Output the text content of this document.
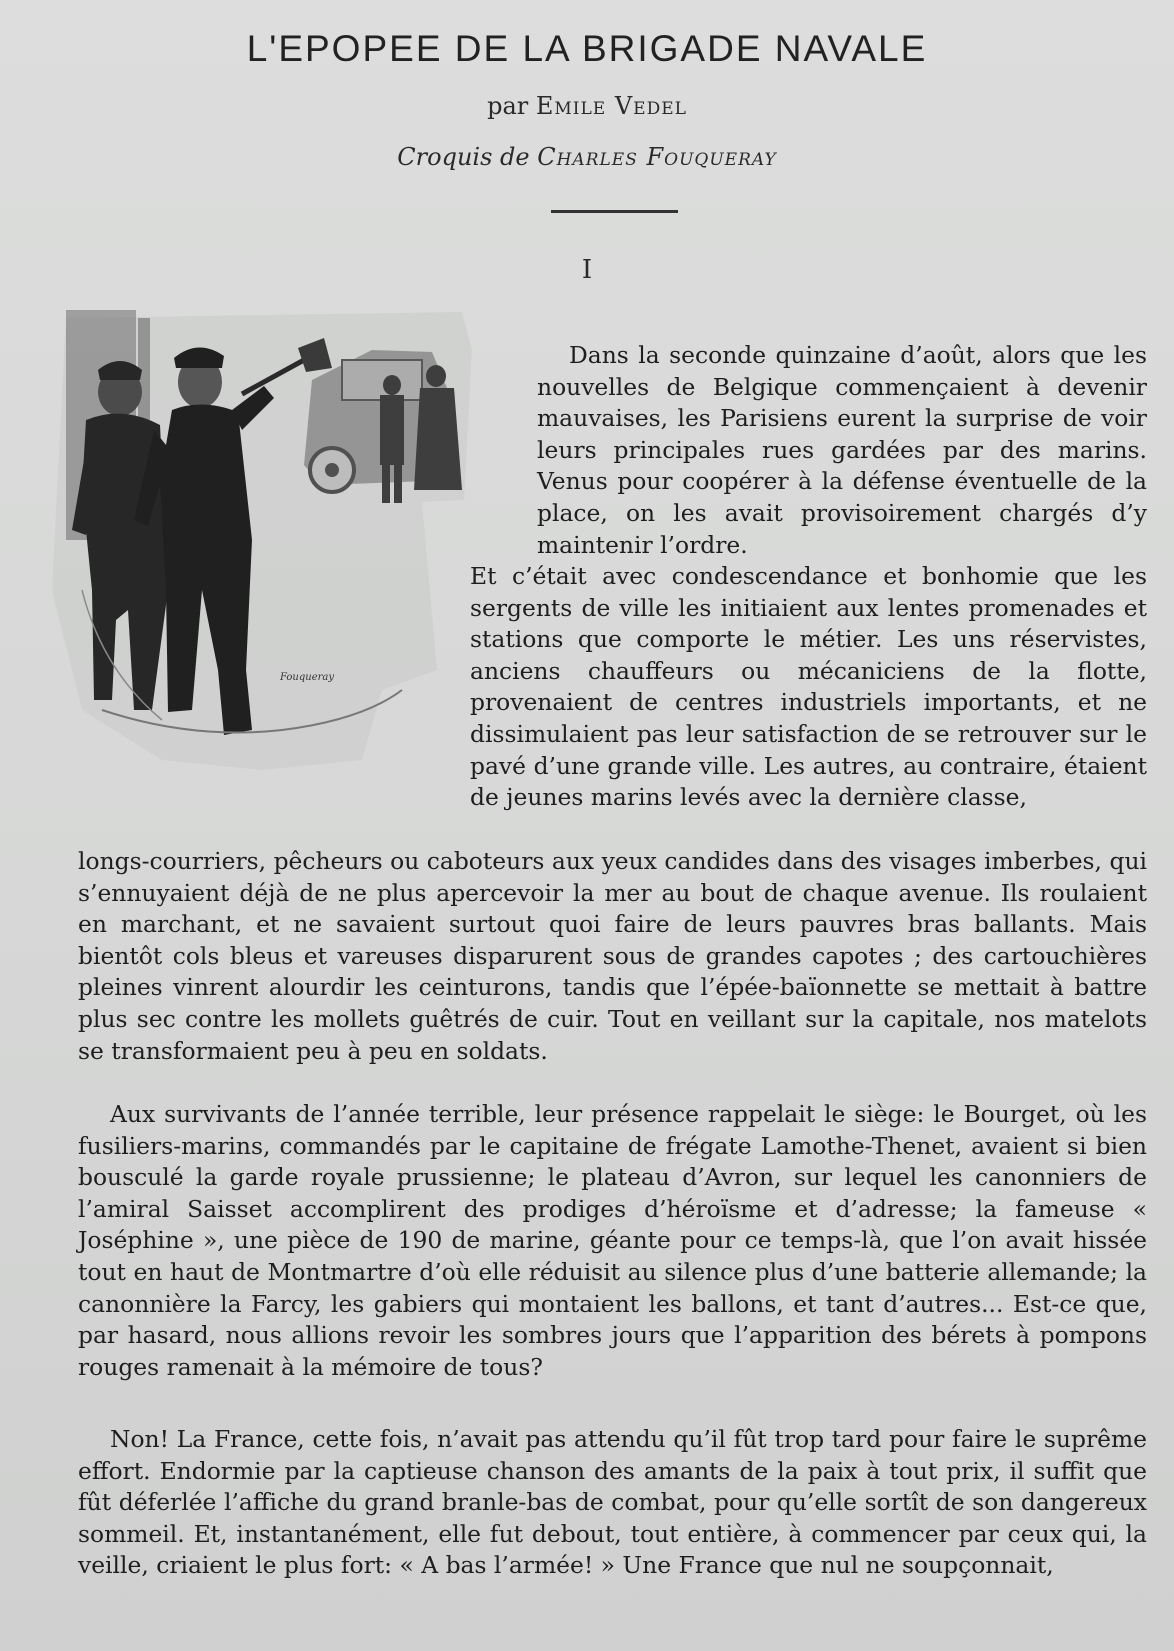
L'EPOPEE DE LA BRIGADE NAVALE
par Emile Vedel
Croquis de Charles Fouqueray
I
Fouqueray
Dans la seconde quinzaine d’août, alors que les nouvelles de Belgique commençaient à devenir mauvaises, les Parisiens eurent la surprise de voir leurs principales rues gardées par des marins. Venus pour coopérer à la défense éventuelle de la place, on les avait provisoirement chargés d’y maintenir l’ordre.
Et c’était avec condescendance et bonhomie que les sergents de ville les initiaient aux lentes promenades et stations que comporte le métier. Les uns réservistes, anciens chauffeurs ou mécaniciens de la flotte, provenaient de centres industriels importants, et ne dissimulaient pas leur satisfaction de se retrouver sur le pavé d’une grande ville. Les autres, au contraire, étaient de jeunes marins levés avec la dernière classe,
longs-courriers, pêcheurs ou caboteurs aux yeux candides dans des visages imberbes, qui s’ennuyaient déjà de ne plus apercevoir la mer au bout de chaque avenue. Ils roulaient en marchant, et ne savaient surtout quoi faire de leurs pauvres bras ballants. Mais bientôt cols bleus et vareuses disparurent sous de grandes capotes ; des cartouchières pleines vinrent alourdir les ceinturons, tandis que l’épée-baïonnette se mettait à battre plus sec contre les mollets guêtrés de cuir. Tout en veillant sur la capitale, nos matelots se transformaient peu à peu en soldats.
Aux survivants de l’année terrible, leur présence rappelait le siège: le Bourget, où les fusiliers-marins, commandés par le capitaine de frégate Lamothe-Thenet, avaient si bien bousculé la garde royale prussienne; le plateau d’Avron, sur lequel les canonniers de l’amiral Saisset accomplirent des prodiges d’héroïsme et d’adresse; la fameuse « Joséphine », une pièce de 190 de marine, géante pour ce temps-là, que l’on avait hissée tout en haut de Montmartre d’où elle réduisit au silence plus d’une batterie allemande; la canonnière la Farcy, les gabiers qui montaient les ballons, et tant d’autres... Est-ce que, par hasard, nous allions revoir les sombres jours que l’apparition des bérets à pompons rouges ramenait à la mémoire de tous?
Non! La France, cette fois, n’avait pas attendu qu’il fût trop tard pour faire le suprême effort. Endormie par la captieuse chanson des amants de la paix à tout prix, il suffit que fût déferlée l’affiche du grand branle-bas de combat, pour qu’elle sortît de son dangereux sommeil. Et, instantanément, elle fut debout, tout entière, à commencer par ceux qui, la veille, criaient le plus fort: « A bas l’armée! » Une France que nul ne soupçonnait,
